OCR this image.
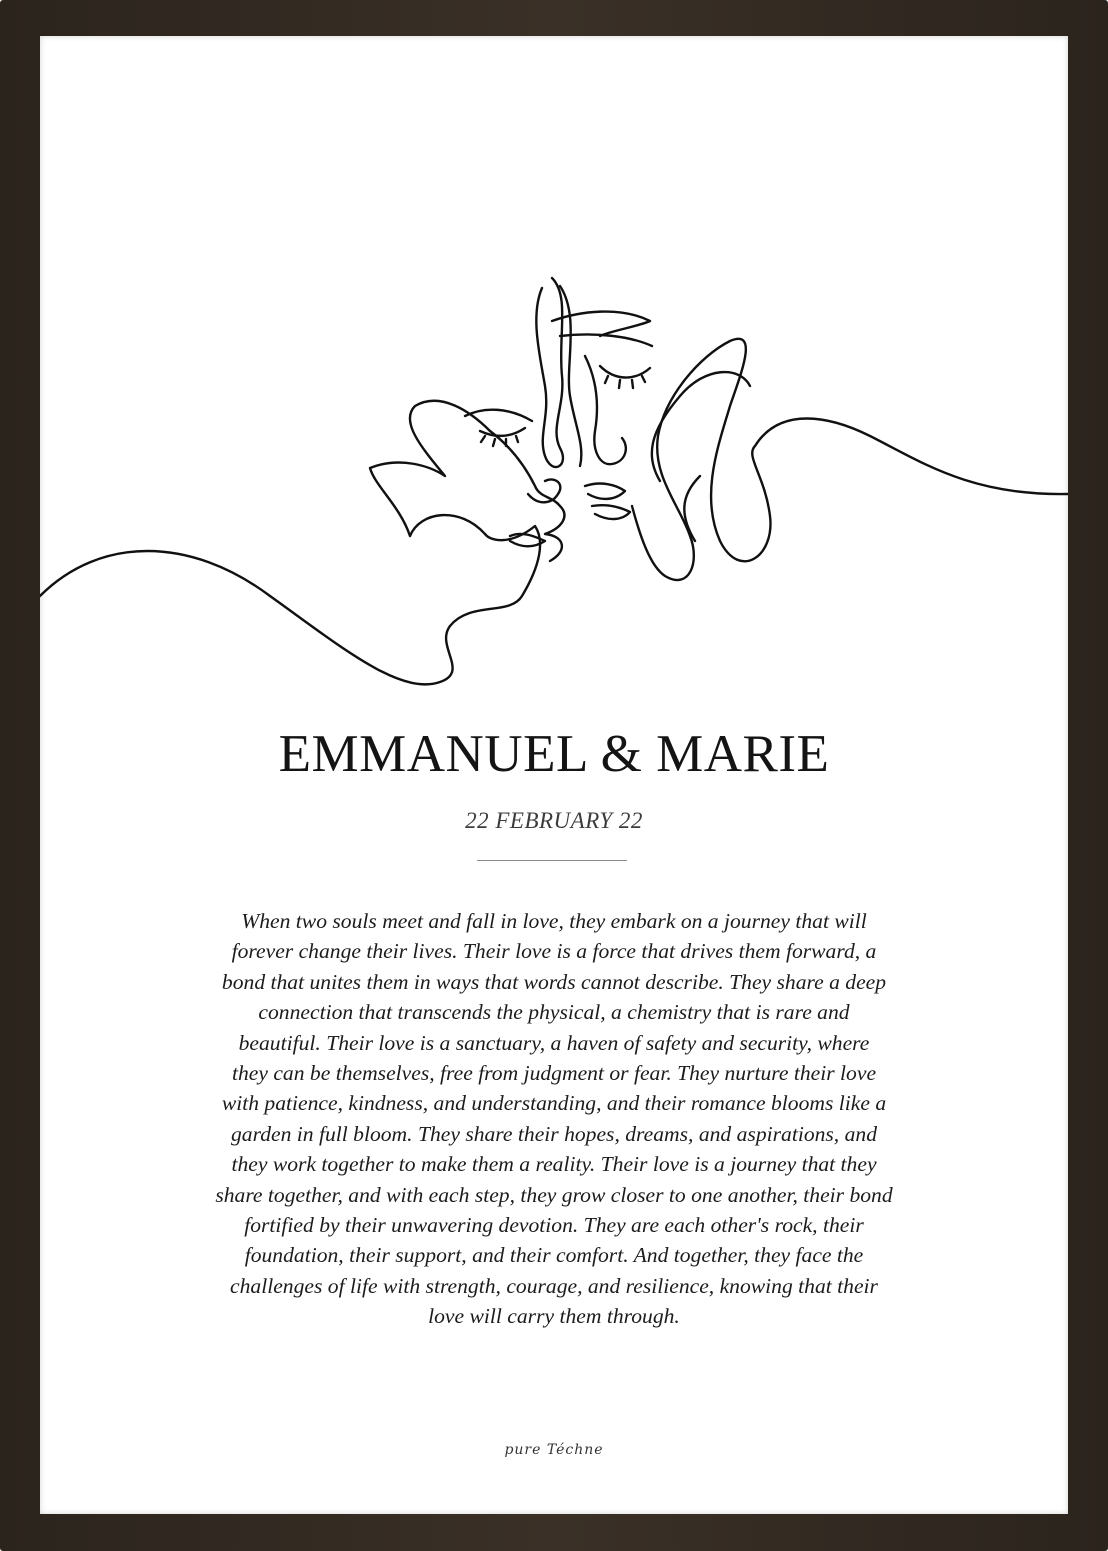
EMMANUEL & MARIE
22 FEBRUARY 22
When two souls meet and fall in love, they embark on a journey that will
forever change their lives. Their love is a force that drives them forward, a
bond that unites them in ways that words cannot describe. They share a deep
connection that transcends the physical, a chemistry that is rare and
beautiful. Their love is a sanctuary, a haven of safety and security, where
they can be themselves, free from judgment or fear. They nurture their love
with patience, kindness, and understanding, and their romance blooms like a
garden in full bloom. They share their hopes, dreams, and aspirations, and
they work together to make them a reality. Their love is a journey that they
share together, and with each step, they grow closer to one another, their bond
fortified by their unwavering devotion. They are each other's rock, their
foundation, their support, and their comfort. And together, they face the
challenges of life with strength, courage, and resilience, knowing that their
love will carry them through.
pure Téchne
